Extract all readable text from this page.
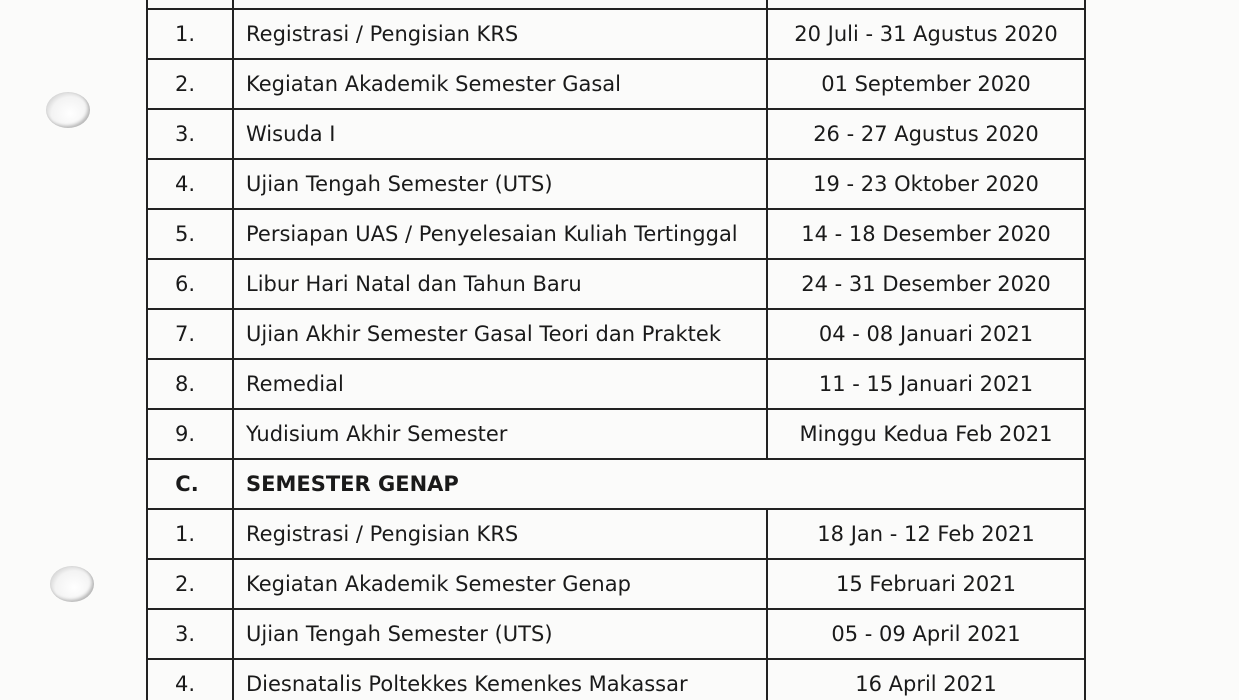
1.	Registrasi / Pengisian KRS	20 Juli - 31 Agustus 2020
2.	Kegiatan Akademik Semester Gasal	01 September 2020
3.	Wisuda I	26 - 27 Agustus 2020
4.	Ujian Tengah Semester (UTS)	19 - 23 Oktober 2020
5.	Persiapan UAS / Penyelesaian Kuliah Tertinggal	14 - 18 Desember 2020
6.	Libur Hari Natal dan Tahun Baru	24 - 31 Desember 2020
7.	Ujian Akhir Semester Gasal Teori dan Praktek	04 - 08 Januari 2021
8.	Remedial	11 - 15 Januari 2021
9.	Yudisium Akhir Semester	Minggu Kedua Feb 2021
C.	SEMESTER GENAP	
1.	Registrasi / Pengisian KRS	18 Jan - 12 Feb 2021
2.	Kegiatan Akademik Semester Genap	15 Februari 2021
3.	Ujian Tengah Semester (UTS)	05 - 09 April 2021
4.	Diesnatalis Poltekkes Kemenkes Makassar	16 April 2021
